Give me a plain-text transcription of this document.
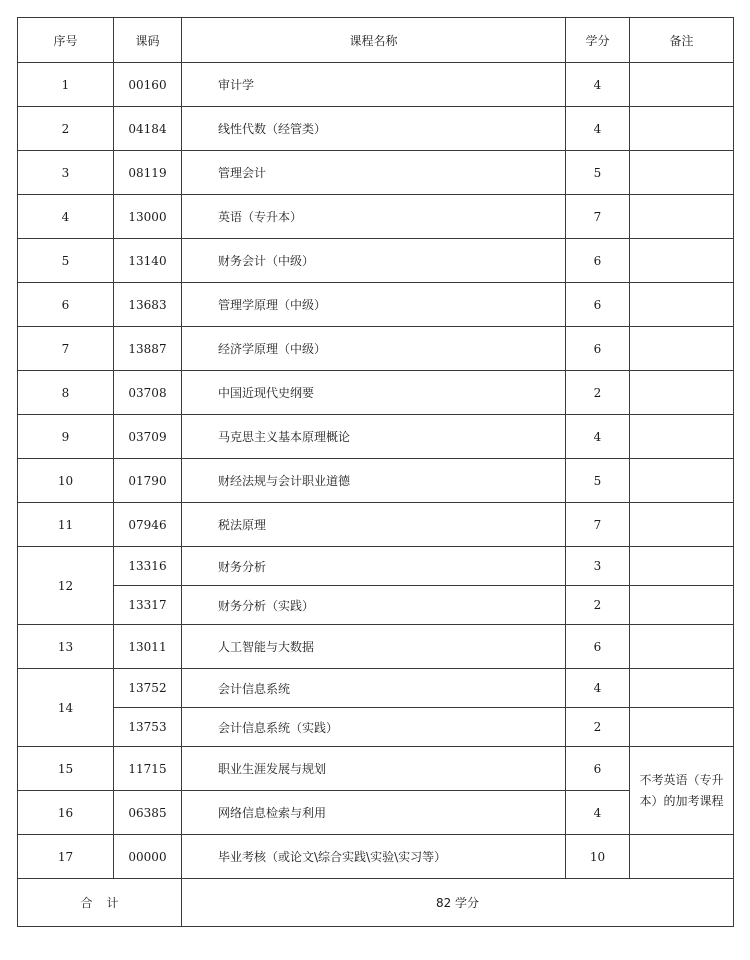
序号	课码	课程名称	学分	备注
1	00160	审计学	4	
2	04184	线性代数（经管类）	4	
3	08119	管理会计	5	
4	13000	英语（专升本）	7	
5	13140	财务会计（中级）	6	
6	13683	管理学原理（中级）	6	
7	13887	经济学原理（中级）	6	
8	03708	中国近现代史纲要	2	
9	03709	马克思主义基本原理概论	4	
10	01790	财经法规与会计职业道德	5	
11	07946	税法原理	7	
12	13316	财务分析	3	
	13317	财务分析（实践）	2	
13	13011	人工智能与大数据	6	
14	13752	会计信息系统	4	
	13753	会计信息系统（实践）	2	
15	11715	职业生涯发展与规划	6	不考英语（专升本）的加考课程
16	06385	网络信息检索与利用	4	
17	00000	毕业考核（或论文\综合实践\实验\实习等）	10	
合计		82 学分		
